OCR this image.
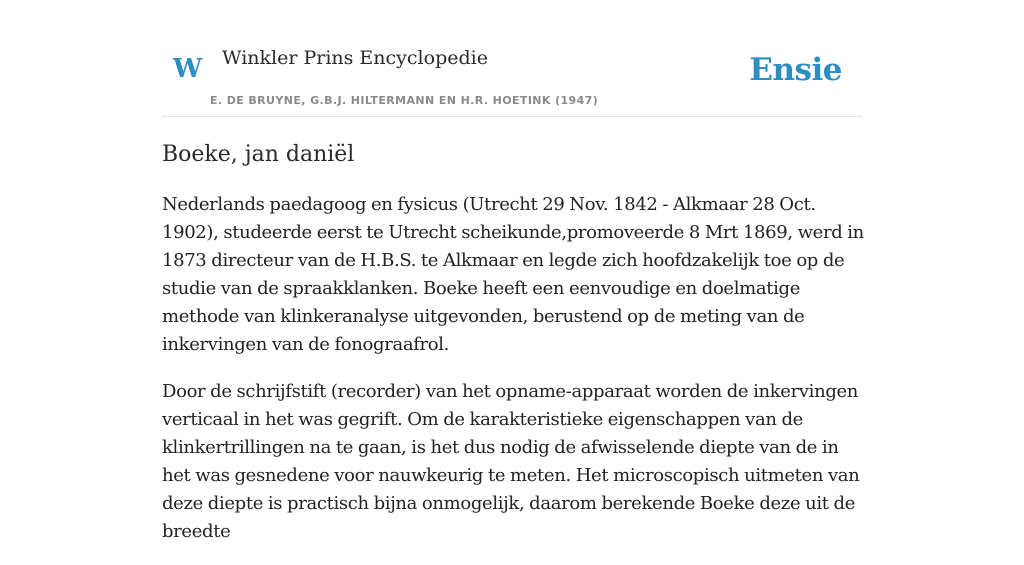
W Winkler Prins Encyclopedie
E. DE BRUYNE, G.B.J. HILTERMANN EN H.R. HOETINK (1947)
Ensie
Boeke, jan daniël

Nederlands paedagoog en fysicus (Utrecht 29 Nov. 1842 - Alkmaar 28 Oct. 1902), studeerde eerst te Utrecht scheikunde,promoveerde 8 Mrt 1869, werd in 1873 directeur van de H.B.S. te Alkmaar en legde zich hoofdzakelijk toe op de studie van de spraakklanken. Boeke heeft een eenvoudige en doelmatige methode van klinkeranalyse uitgevonden, berustend op de meting van de inkervingen van de fonograafrol.

Door de schrijfstift (recorder) van het opname-apparaat worden de inkervingen verticaal in het was gegrift. Om de karakteristieke eigenschappen van de klinkertrillingen na te gaan, is het dus nodig de afwisselende diepte van de in het was gesnedene voor nauwkeurig te meten. Het microscopisch uitmeten van deze diepte is practisch bijna onmogelijk, daarom berekende Boeke deze uit de breedte
